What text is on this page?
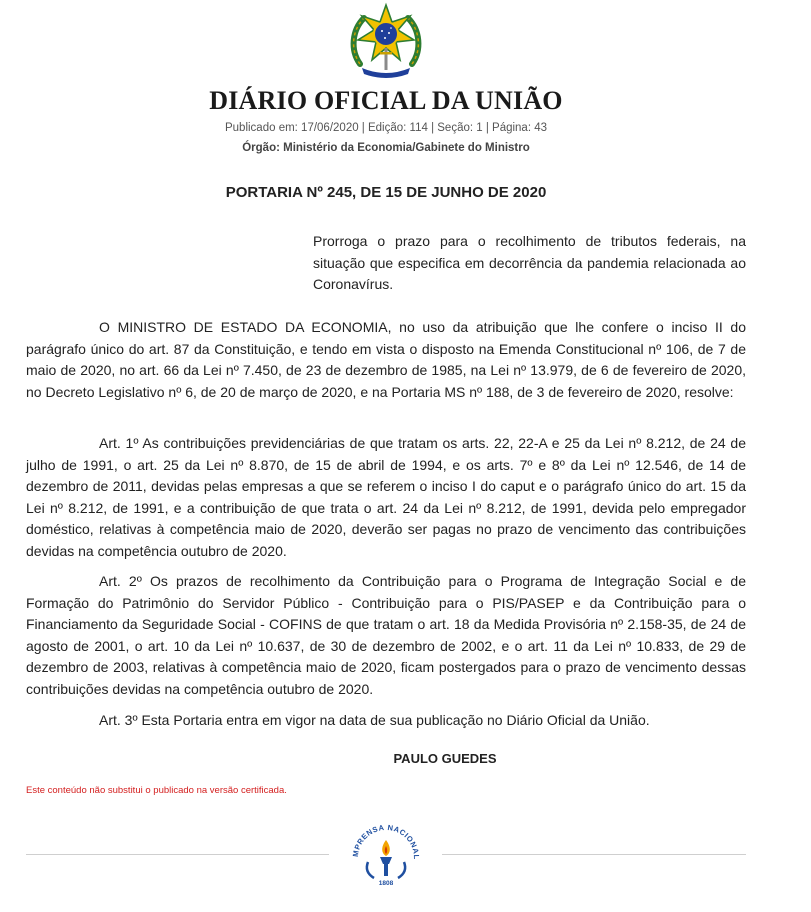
DIÁRIO OFICIAL DA UNIÃO
Publicado em: 17/06/2020 | Edição: 114 | Seção: 1 | Página: 43
Órgão: Ministério da Economia/Gabinete do Ministro
PORTARIA Nº 245, DE 15 DE JUNHO DE 2020
Prorroga o prazo para o recolhimento de tributos federais, na situação que especifica em decorrência da pandemia relacionada ao Coronavírus.

O MINISTRO DE ESTADO DA ECONOMIA, no uso da atribuição que lhe confere o inciso II do parágrafo único do art. 87 da Constituição, e tendo em vista o disposto na Emenda Constitucional nº 106, de 7 de maio de 2020, no art. 66 da Lei nº 7.450, de 23 de dezembro de 1985, na Lei nº 13.979, de 6 de fevereiro de 2020, no Decreto Legislativo nº 6, de 20 de março de 2020, e na Portaria MS nº 188, de 3 de fevereiro de 2020, resolve:

Art. 1º As contribuições previdenciárias de que tratam os arts. 22, 22-A e 25 da Lei nº 8.212, de 24 de julho de 1991, o art. 25 da Lei nº 8.870, de 15 de abril de 1994, e os arts. 7º e 8º da Lei nº 12.546, de 14 de dezembro de 2011, devidas pelas empresas a que se referem o inciso I do caput e o parágrafo único do art. 15 da Lei nº 8.212, de 1991, e a contribuição de que trata o art. 24 da Lei nº 8.212, de 1991, devida pelo empregador doméstico, relativas à competência maio de 2020, deverão ser pagas no prazo de vencimento das contribuições devidas na competência outubro de 2020.

Art. 2º Os prazos de recolhimento da Contribuição para o Programa de Integração Social e de Formação do Patrimônio do Servidor Público - Contribuição para o PIS/PASEP e da Contribuição para o Financiamento da Seguridade Social - COFINS de que tratam o art. 18 da Medida Provisória nº 2.158-35, de 24 de agosto de 2001, o art. 10 da Lei nº 10.637, de 30 de dezembro de 2002, e o art. 11 da Lei nº 10.833, de 29 de dezembro de 2003, relativas à competência maio de 2020, ficam postergados para o prazo de vencimento dessas contribuições devidas na competência outubro de 2020.

Art. 3º Esta Portaria entra em vigor na data de sua publicação no Diário Oficial da União.

PAULO GUEDES
Este conteúdo não substitui o publicado na versão certificada.
MPRENSA NACIONAL
1808
